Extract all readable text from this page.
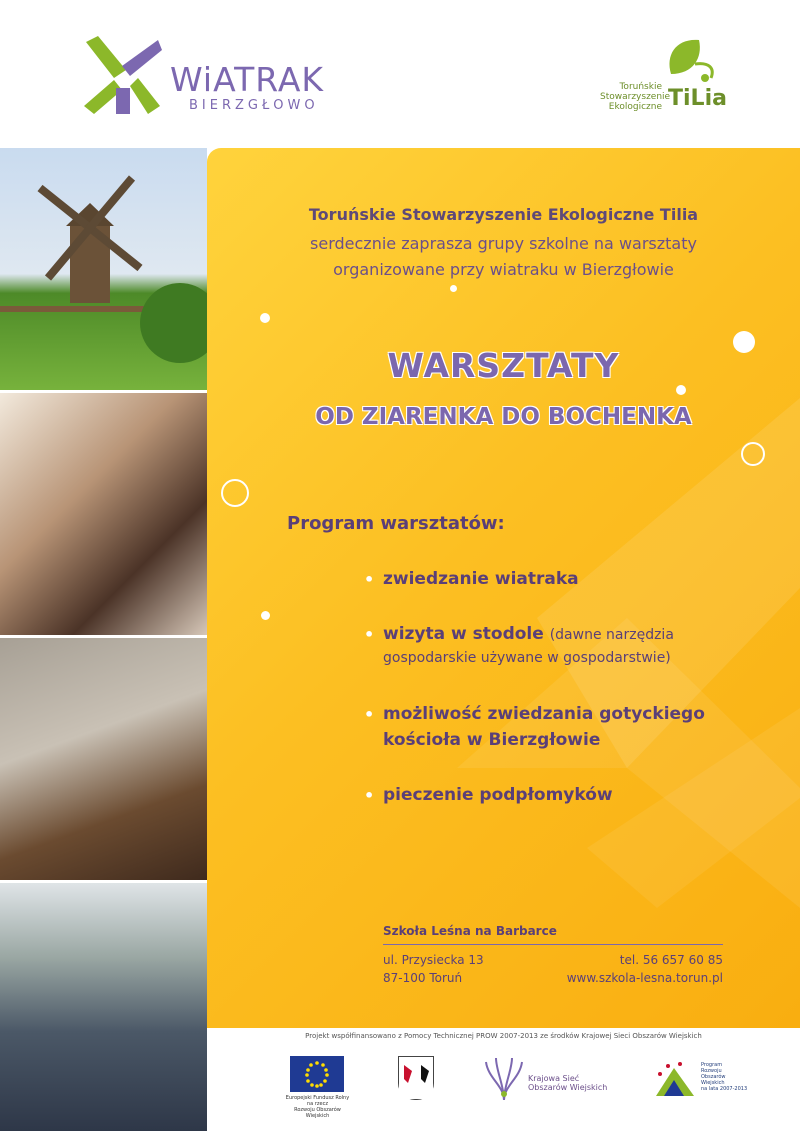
WiATRAK
BIERZGŁOWO
Toruńskie
Stowarzyszenie
Ekologiczne TiLia
Toruńskie Stowarzyszenie Ekologiczne Tilia
serdecznie zaprasza grupy szkolne na warsztaty
organizowane przy wiatraku w Bierzgłowie
WARSZTATY
OD ZIARENKA DO BOCHENKA
Program warsztatów:
• zwiedzanie wiatraka
• wizyta w stodole (dawne narzędzia
gospodarskie używane w gospodarstwie)
• możliwość zwiedzania gotyckiego
kościoła w Bierzgłowie
• pieczenie podpłomyków
Szkoła Leśna na Barbarce
ul. Przysiecka 13
87-100 Toruń
tel. 56 657 60 85
www.szkola-lesna.torun.pl
Projekt współfinansowano z Pomocy Technicznej PROW 2007-2013 ze środków Krajowej Sieci Obszarów Wiejskich
Europejski Fundusz Rolny na rzecz
Rozwoju Obszarów Wiejskich
Krajowa Sieć
Obszarów Wiejskich
Program
Rozwoju
Obszarów
Wiejskich
na lata 2007-2013
